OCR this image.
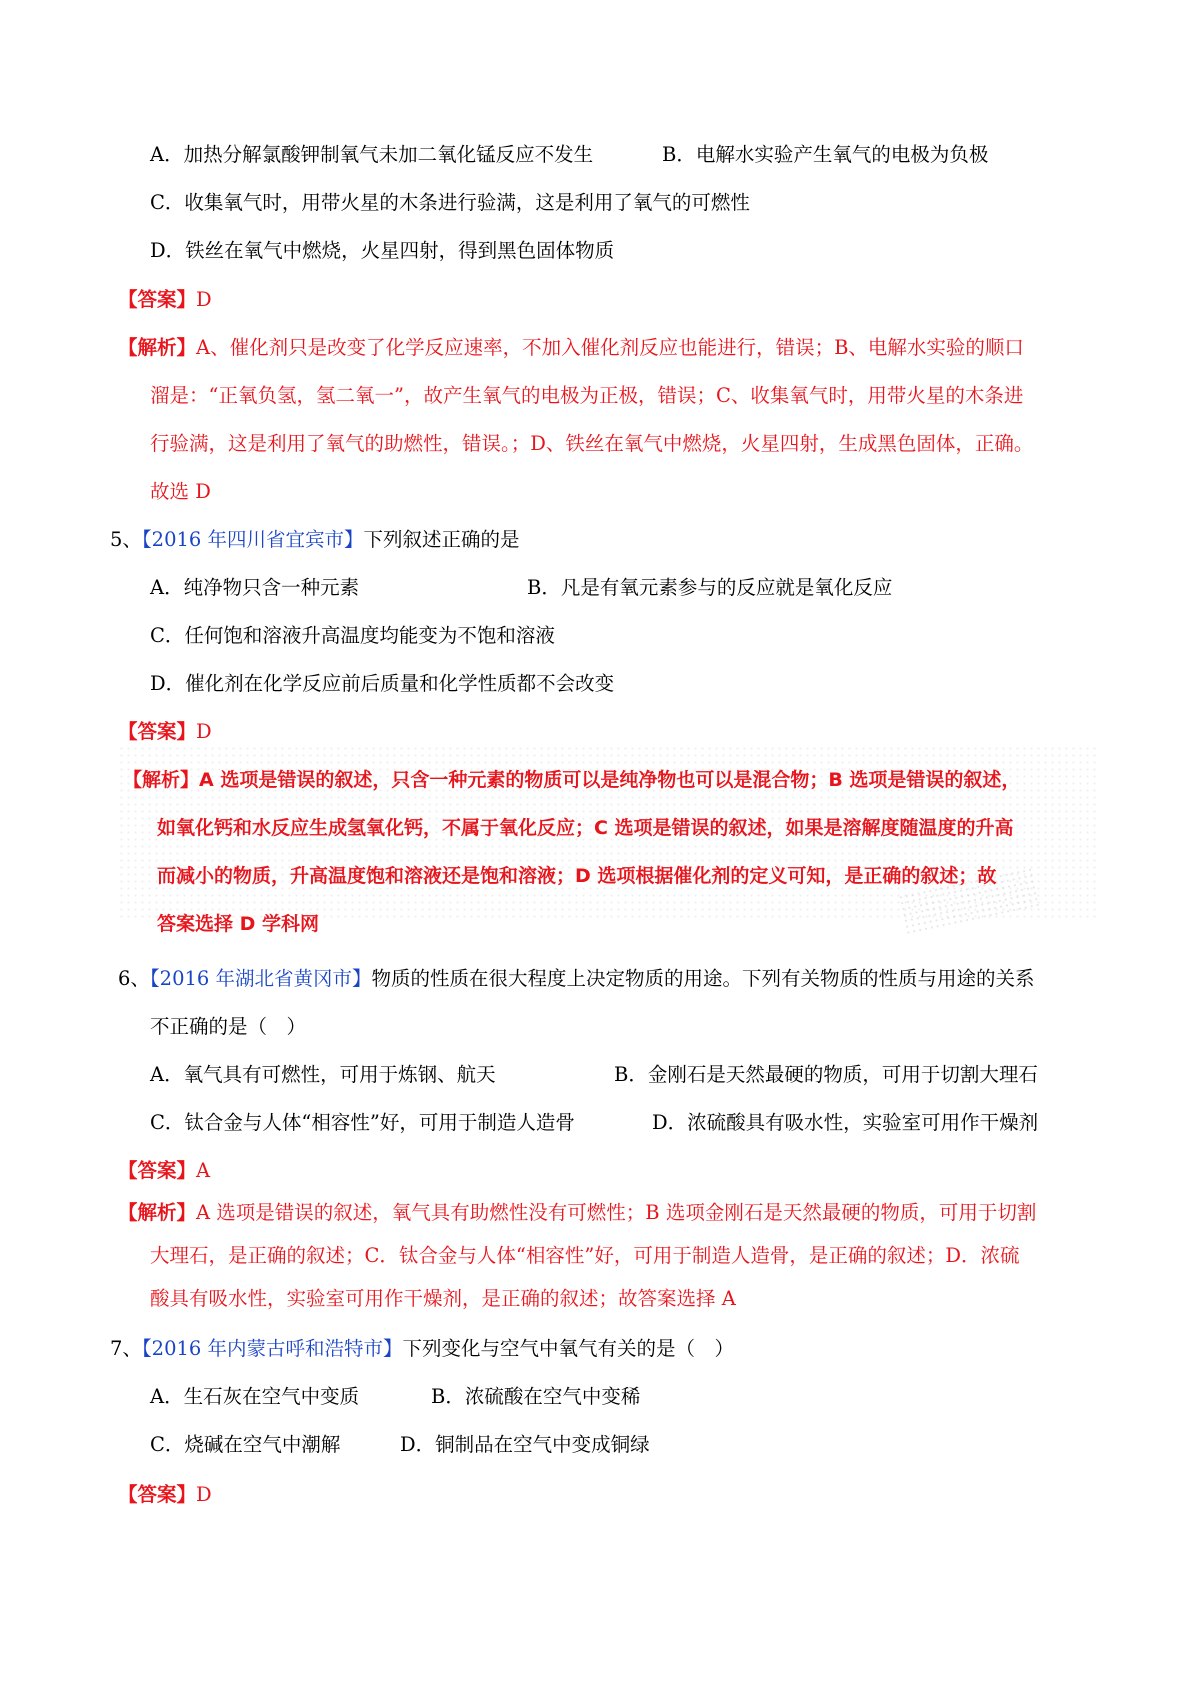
A．加热分解氯酸钾制氧气未加二氧化锰反应不发生	B．电解水实验产生氧气的电极为负极
C．收集氧气时，用带火星的木条进行验满，这是利用了氧气的可燃性
D．铁丝在氧气中燃烧，火星四射，得到黑色固体物质
【答案】D
【解析】A、催化剂只是改变了化学反应速率，不加入催化剂反应也能进行，错误；B、电解水实验的顺口
溜是：“正氧负氢，氢二氧一”，故产生氧气的电极为正极，错误；C、收集氧气时，用带火星的木条进
行验满，这是利用了氧气的助燃性，错误。；D、铁丝在氧气中燃烧，火星四射，生成黑色固体，正确。
故选 D
5、【2016 年四川省宜宾市】下列叙述正确的是
A．纯净物只含一种元素	B．凡是有氧元素参与的反应就是氧化反应
C．任何饱和溶液升高温度均能变为不饱和溶液
D．催化剂在化学反应前后质量和化学性质都不会改变
【答案】D
【解析】A 选项是错误的叙述，只含一种元素的物质可以是纯净物也可以是混合物；B 选项是错误的叙述，
如氧化钙和水反应生成氢氧化钙，不属于氧化反应；C 选项是错误的叙述，如果是溶解度随温度的升高
而减小的物质，升高温度饱和溶液还是饱和溶液；D 选项根据催化剂的定义可知，是正确的叙述；故
答案选择 D 学科网
6、【2016 年湖北省黄冈市】物质的性质在很大程度上决定物质的用途。下列有关物质的性质与用途的关系
不正确的是（　）
A．氧气具有可燃性，可用于炼钢、航天	B．金刚石是天然最硬的物质，可用于切割大理石
C．钛合金与人体“相容性”好，可用于制造人造骨	D．浓硫酸具有吸水性，实验室可用作干燥剂
【答案】A
【解析】A 选项是错误的叙述，氧气具有助燃性没有可燃性；B 选项金刚石是天然最硬的物质，可用于切割
大理石，是正确的叙述；C．钛合金与人体“相容性”好，可用于制造人造骨，是正确的叙述；D．浓硫
酸具有吸水性，实验室可用作干燥剂，是正确的叙述；故答案选择 A
7、【2016 年内蒙古呼和浩特市】下列变化与空气中氧气有关的是（　）
A．生石灰在空气中变质	B．浓硫酸在空气中变稀
C．烧碱在空气中潮解	D．铜制品在空气中变成铜绿
【答案】D
